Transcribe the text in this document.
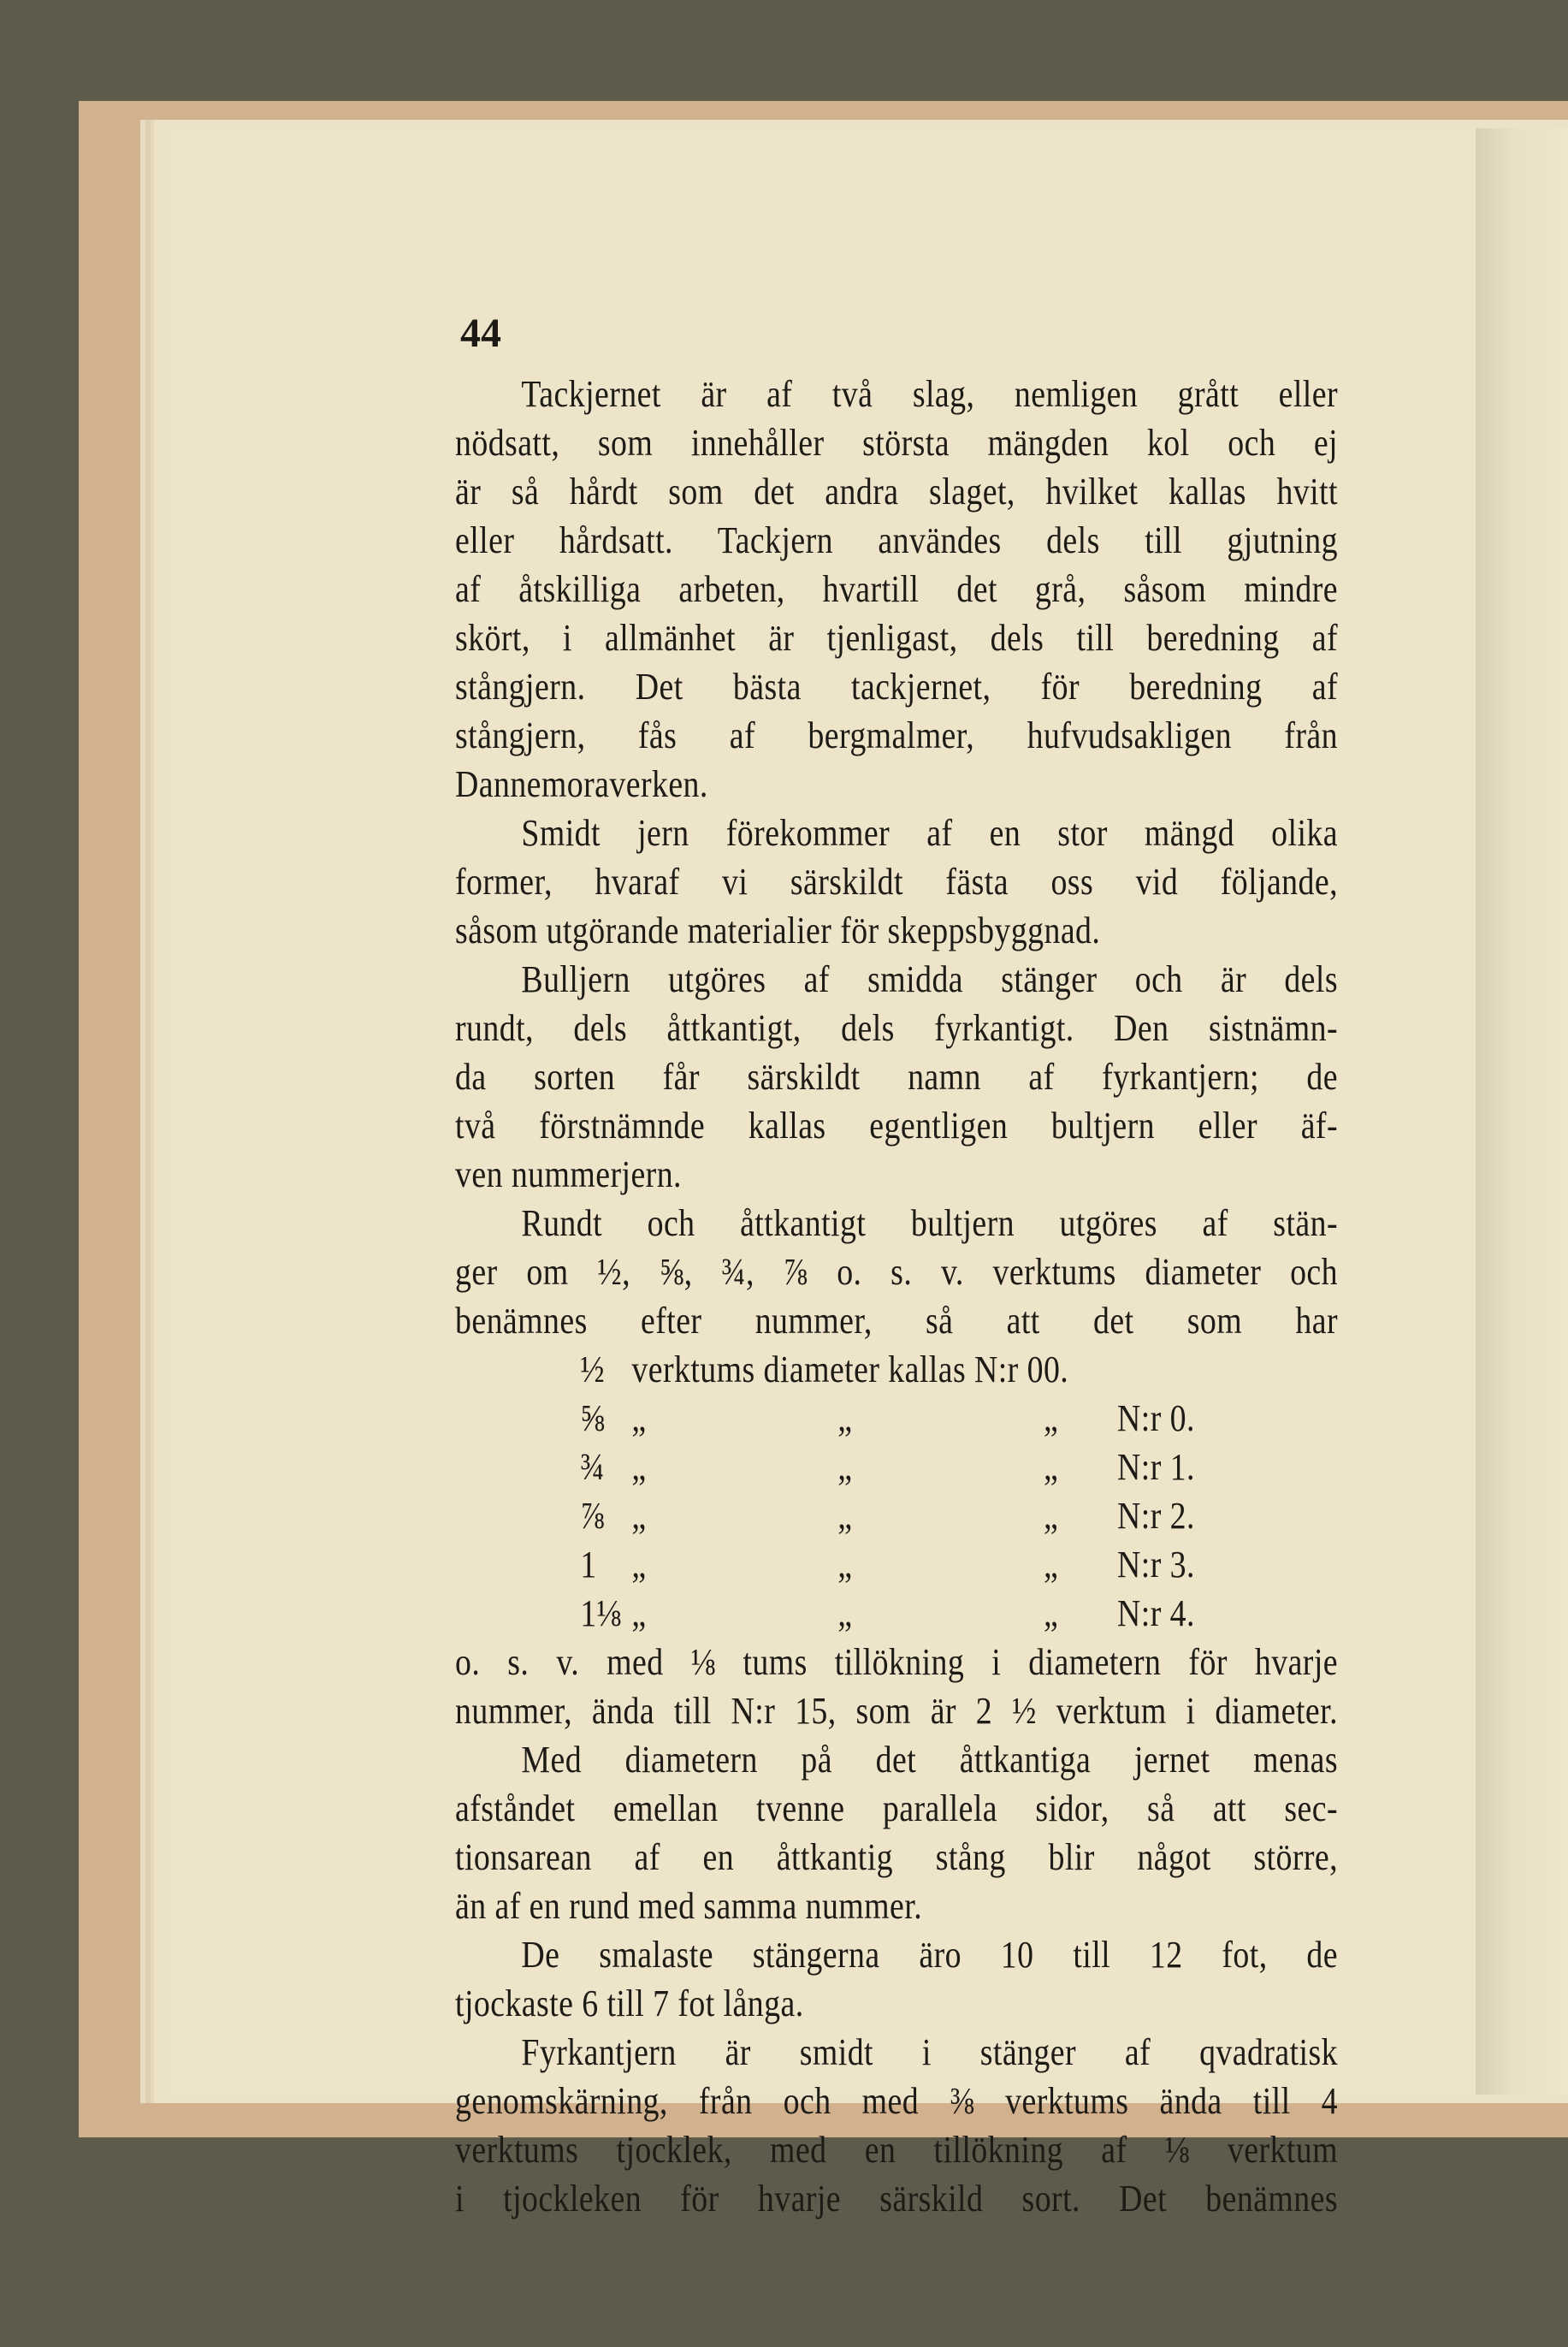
44
Tackjernet är af två slag, nemligen grått eller
nödsatt, som innehåller största mängden kol och ej
är så hårdt som det andra slaget, hvilket kallas hvitt
eller hårdsatt. Tackjern användes dels till gjutning
af åtskilliga arbeten, hvartill det grå, såsom mindre
skört, i allmänhet är tjenligast, dels till beredning af
stångjern. Det bästa tackjernet, för beredning af
stångjern, fås af bergmalmer, hufvudsakligen från
Dannemoraverken.
Smidt jern förekommer af en stor mängd olika
former, hvaraf vi särskildt fästa oss vid följande,
såsom utgörande materialier för skeppsbyggnad.
Bulljern utgöres af smidda stänger och är dels
rundt, dels åttkantigt, dels fyrkantigt. Den sistnämn-
da sorten får särskildt namn af fyrkantjern; de
två förstnämnde kallas egentligen bultjern eller äf-
ven nummerjern.
Rundt och åttkantigt bultjern utgöres af stän-
ger om ½, ⅝, ¾, ⅞ o. s. v. verktums diameter och
benämnes efter nummer, så att det som har
½ verktums diameter kallas N:r 00.
⅝ „	„	„ N:r 0.
¾ „	„	„ N:r 1.
⅞ „	„	„ N:r 2.
1 „	„	„ N:r 3.
1⅛ „	„	„ N:r 4.
o. s. v. med ⅛ tums tillökning i diametern för hvarje
nummer, ända till N:r 15, som är 2 ½ verktum i diameter.
Med diametern på det åttkantiga jernet menas
afståndet emellan tvenne parallela sidor, så att sec-
tionsarean af en åttkantig stång blir något större,
än af en rund med samma nummer.
De smalaste stängerna äro 10 till 12 fot, de
tjockaste 6 till 7 fot långa.
Fyrkantjern är smidt i stänger af qvadratisk
genomskärning, från och med ⅜ verktums ända till 4
verktums tjocklek, med en tillökning af ⅛ verktum
i tjockleken för hvarje särskild sort. Det benämnes
